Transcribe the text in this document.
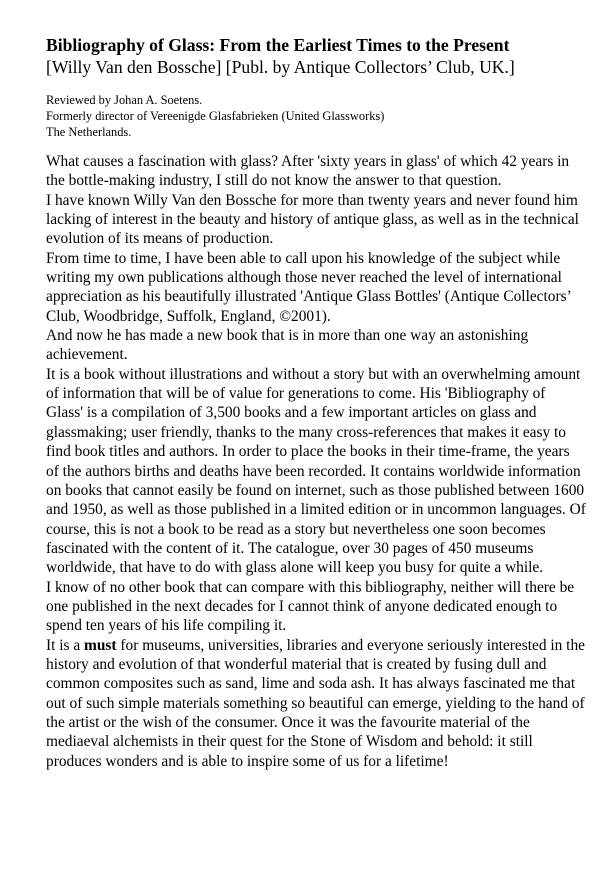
Bibliography of Glass: From the Earliest Times to the Present
[Willy Van den Bossche] [Publ. by Antique Collectors’ Club, UK.]
Reviewed by Johan A. Soetens.
Formerly director of Vereenigde Glasfabrieken (United Glassworks)
The Netherlands.

What causes a fascination with glass? After 'sixty years in glass' of which 42 years in the bottle-making industry, I still do not know the answer to that question.

I have known Willy Van den Bossche for more than twenty years and never found him lacking of interest in the beauty and history of antique glass, as well as in the technical evolution of its means of production.

From time to time, I have been able to call upon his knowledge of the subject while writing my own publications although those never reached the level of international appreciation as his beautifully illustrated 'Antique Glass Bottles' (Antique Collectors’ Club, Woodbridge, Suffolk, England, ©2001).

And now he has made a new book that is in more than one way an astonishing achievement.

It is a book without illustrations and without a story but with an overwhelming amount of information that will be of value for generations to come. His 'Bibliography of Glass' is a compilation of 3,500 books and a few important articles on glass and glassmaking; user friendly, thanks to the many cross-references that makes it easy to find book titles and authors. In order to place the books in their time-frame, the years of the authors births and deaths have been recorded. It contains worldwide information on books that cannot easily be found on internet, such as those published between 1600 and 1950, as well as those published in a limited edition or in uncommon languages. Of course, this is not a book to be read as a story but nevertheless one soon becomes fascinated with the content of it. The catalogue, over 30 pages of 450 museums worldwide, that have to do with glass alone will keep you busy for quite a while.

I know of no other book that can compare with this bibliography, neither will there be one published in the next decades for I cannot think of anyone dedicated enough to spend ten years of his life compiling it.

It is a must for museums, universities, libraries and everyone seriously interested in the history and evolution of that wonderful material that is created by fusing dull and common composites such as sand, lime and soda ash. It has always fascinated me that out of such simple materials something so beautiful can emerge, yielding to the hand of the artist or the wish of the consumer. Once it was the favourite material of the mediaeval alchemists in their quest for the Stone of Wisdom and behold: it still produces wonders and is able to inspire some of us for a lifetime!
